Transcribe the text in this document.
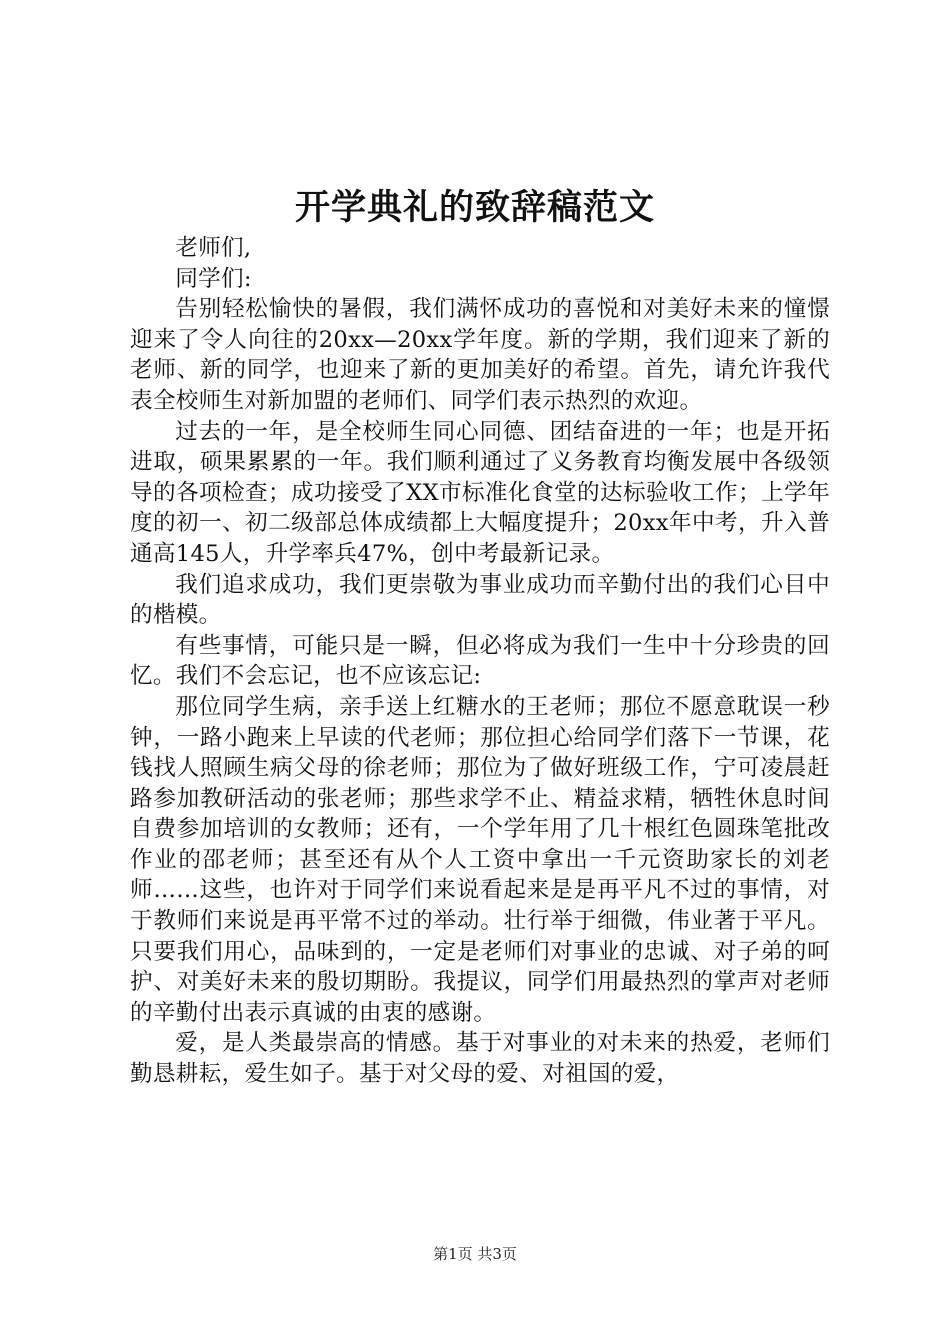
开学典礼的致辞稿范文

老师们,

同学们:

告别轻松愉快的暑假，我们满怀成功的喜悦和对美好未来的憧憬迎来了令人向往的20xx—20xx学年度。新的学期，我们迎来了新的老师、新的同学，也迎来了新的更加美好的希望。首先，请允许我代表全校师生对新加盟的老师们、同学们表示热烈的欢迎。

过去的一年，是全校师生同心同德、团结奋进的一年；也是开拓进取，硕果累累的一年。我们顺利通过了义务教育均衡发展中各级领导的各项检查；成功接受了XX市标准化食堂的达标验收工作；上学年度的初一、初二级部总体成绩都上大幅度提升；20xx年中考，升入普通高145人，升学率兵47%，创中考最新记录。

我们追求成功，我们更崇敬为事业成功而辛勤付出的我们心目中的楷模。

有些事情，可能只是一瞬，但必将成为我们一生中十分珍贵的回忆。我们不会忘记，也不应该忘记:

那位同学生病，亲手送上红糖水的王老师；那位不愿意耽误一秒钟，一路小跑来上早读的代老师；那位担心给同学们落下一节课，花钱找人照顾生病父母的徐老师；那位为了做好班级工作，宁可凌晨赶路参加教研活动的张老师；那些求学不止、精益求精，牺牲休息时间自费参加培训的女教师；还有，一个学年用了几十根红色圆珠笔批改作业的邵老师；甚至还有从个人工资中拿出一千元资助家长的刘老师……这些，也许对于同学们来说看起来是是再平凡不过的事情，对于教师们来说是再平常不过的举动。壮行举于细微，伟业著于平凡。只要我们用心，品味到的，一定是老师们对事业的忠诚、对子弟的呵护、对美好未来的殷切期盼。我提议，同学们用最热烈的掌声对老师的辛勤付出表示真诚的由衷的感谢。

爱，是人类最崇高的情感。基于对事业的对未来的热爱，老师们勤恳耕耘，爱生如子。基于对父母的爱、对祖国的爱，

第1页 共3页
